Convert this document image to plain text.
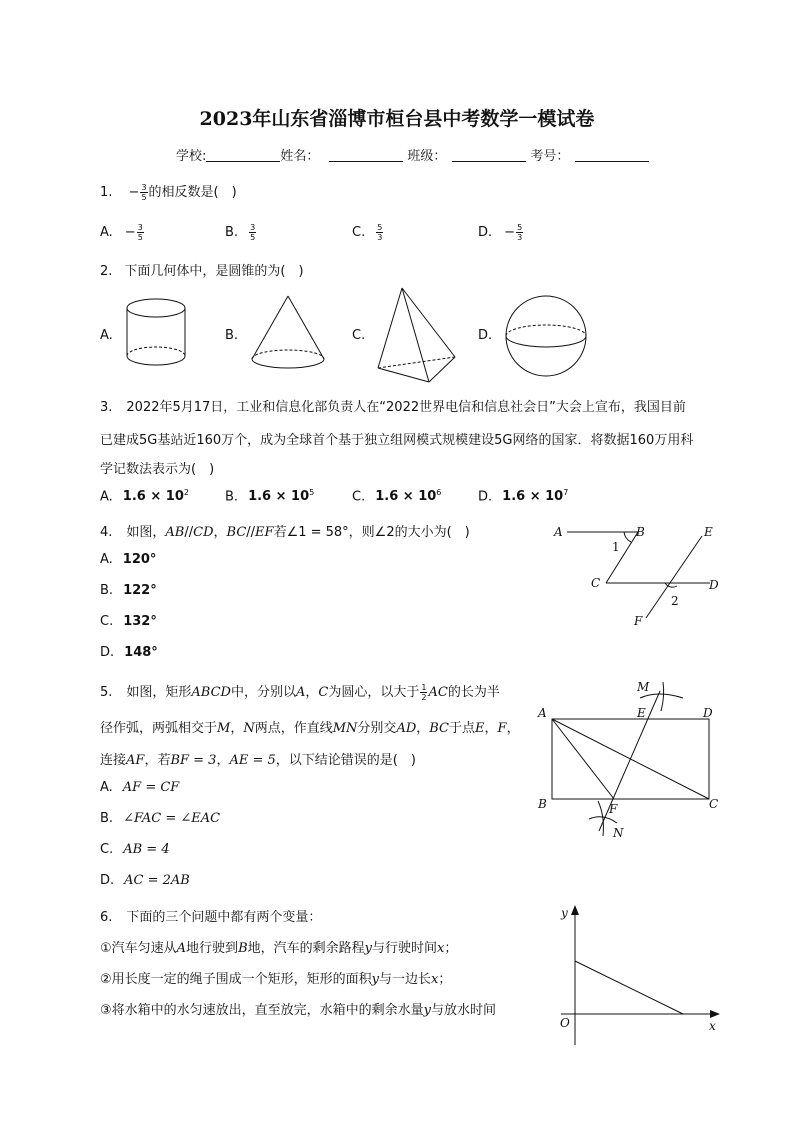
2023年山东省淄博市桓台县中考数学一模试卷
学校:	姓名：	班级：	考号：
1. − $\frac{3}{5}$ 的相反数是(　)
A. − $\frac{3}{5}$	B. $\frac{3}{5}$	C. $\frac{5}{3}$	D. − $\frac{5}{3}$
2. 下面几何体中，是圆锥的为(　)
A.	B.	C.	D.
3. 2022年5月17日，工业和信息化部负责人在“2022世界电信和信息社会日”大会上宣布，我国目前
已建成5G基站近160万个，成为全球首个基于独立组网模式规模建设5G网络的国家．将数据160万用科
学记数法表示为(　)
A. $1.6 \times 10^2$	B. $1.6 \times 10^5$	C. $1.6 \times 10^6$	D. $1.6 \times 10^7$
4. 如图，AB//CD，BC//EF若∠1 = 58°，则∠2的大小为(　)
A. 120°
B. 122°
C. 132°
D. 148°
A	B	E
1
C	D
2
F
5. 如图，矩形ABCD中，分别以A，C为圆心，以大于 $\frac{1}{2}$ AC的长为半
径作弧，两弧相交于M，N两点，作直线MN分别交AD，BC于点E，F，
连接AF，若BF = 3，AE = 5，以下结论错误的是(　)
A. AF = CF
B. ∠FAC = ∠EAC
C. AB = 4
D. AC = 2AB
M
A	E	D
B	F	C
N
6. 下面的三个问题中都有两个变量：
①汽车匀速从A地行驶到B地，汽车的剩余路程y与行驶时间x；
②用长度一定的绳子围成一个矩形，矩形的面积y与一边长x；
③将水箱中的水匀速放出，直至放完，水箱中的剩余水量y与放水时间
y
x
O
